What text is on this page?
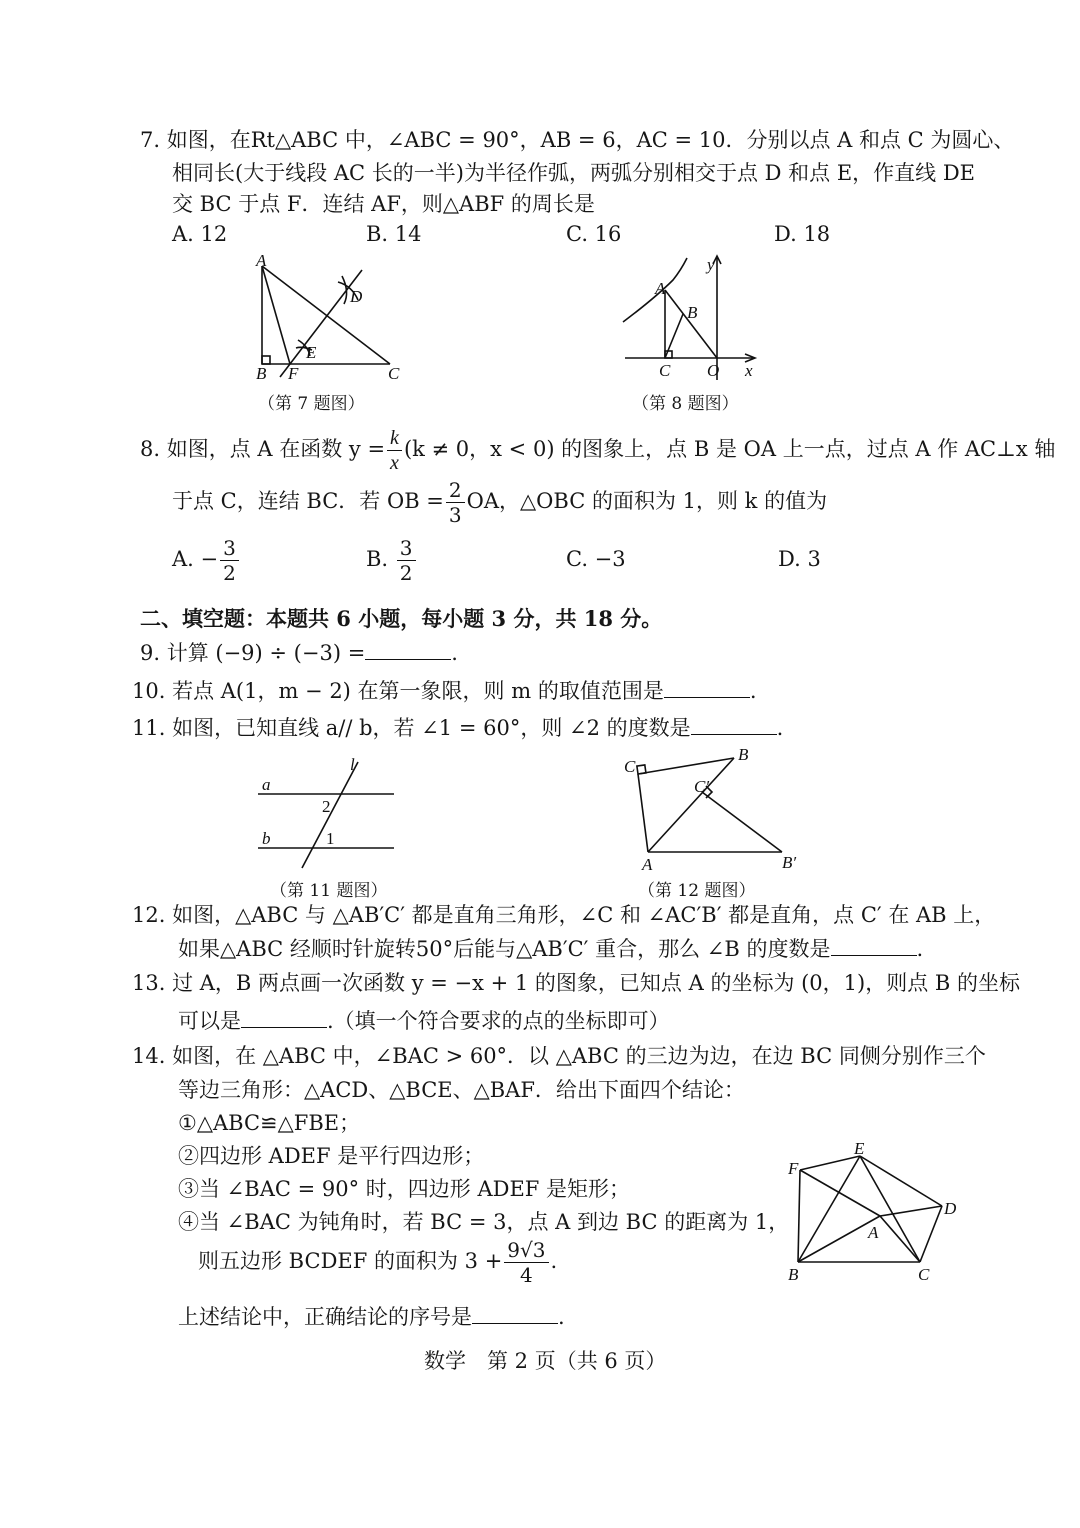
7. 如图，在Rt△ABC 中，∠ABC = 90°，AB = 6，AC = 10．分别以点 A 和点 C 为圆心、
相同长(大于线段 AC 长的一半)为半径作弧，两弧分别相交于点 D 和点 E，作直线 DE
交 BC 于点 F．连结 AF，则△ABF 的周长是
A. 12	B. 14	C. 16	D. 18
A
B F
E
D
C
（第 7 题图）
y
A
B
C O x
（第 8 题图）
8. 如图，点 A 在函数 $y = \frac{k}{x} (k \ne 0$，x < 0) 的图象上，点 B 是 OA 上一点，过点 A 作 AC⊥x 轴
于点 C，连结 BC．若 OB = $\frac{2}{3}$ OA，△OBC 的面积为 1，则 k 的值为
A. − $\frac{3}{2}$	B. $\frac{3}{2}$	C. −3	D. 3
二、填空题：本题共 6 小题，每小题 3 分，共 18 分。
9. 计算 (−9) ÷ (−3) =	.
10. 若点 A(1，m − 2) 在第一象限，则 m 的取值范围是	.
11. 如图，已知直线 a// b，若 ∠1 = 60°，则 ∠2 的度数是	.
l
a
b
2
1
（第 11 题图）
C
B
C′
A	B′
（第 12 题图）
12. 如图，△ABC 与 △AB′C′ 都是直角三角形，∠C 和 ∠AC′B′ 都是直角，点 C′ 在 AB 上，
如果△ABC 经顺时针旋转50°后能与△AB′C′ 重合，那么 ∠B 的度数是	.
13. 过 A，B 两点画一次函数 y = −x + 1 的图象，已知点 A 的坐标为 (0，1)，则点 B 的坐标
可以是	.（填一个符合要求的点的坐标即可）
14. 如图，在 △ABC 中，∠BAC > 60°．以 △ABC 的三边为边，在边 BC 同侧分别作三个
等边三角形：△ACD、△BCE、△BAF．给出下面四个结论：
①△ABC≌△FBE；
②四边形 ADEF 是平行四边形；
③当 ∠BAC = 90° 时，四边形 ADEF 是矩形；
④当 ∠BAC 为钝角时，若 BC = 3，点 A 到边 BC 的距离为 1，
则五边形 BCDEF 的面积为 $3 + \frac{9√3}{4}$ .
上述结论中，正确结论的序号是	.
E
F
D
A
B	C
数学　第 2 页（共 6 页）
